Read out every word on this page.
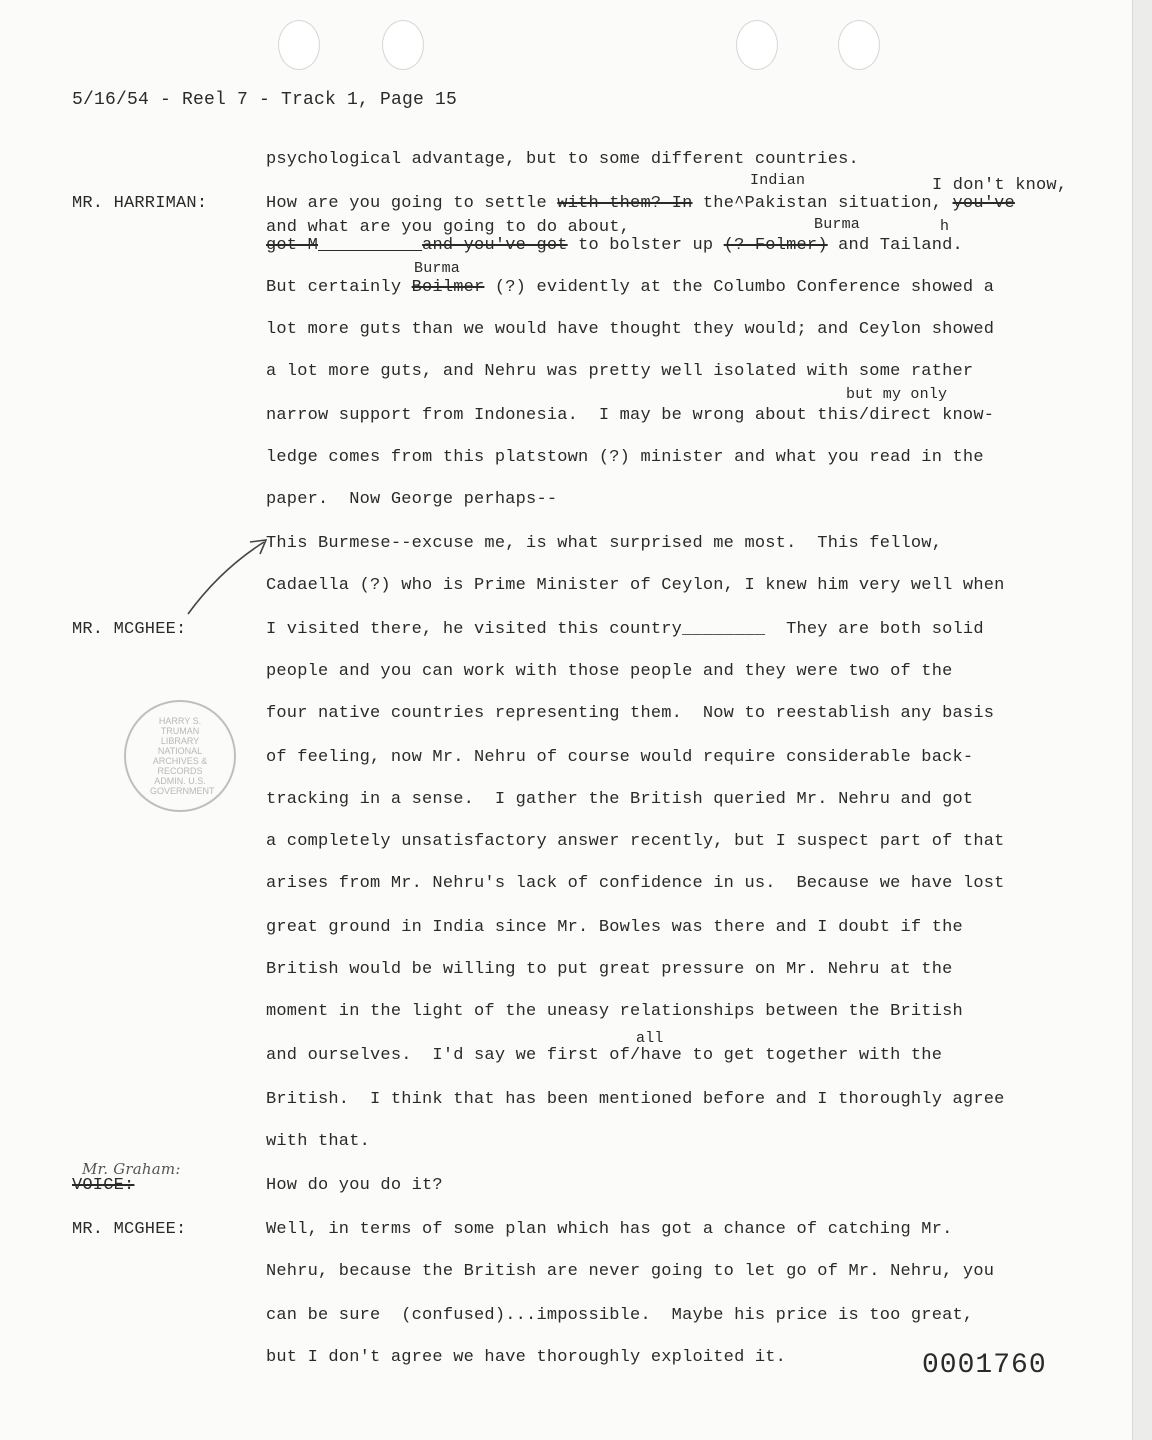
5/16/54 - Reel 7 - Track 1, Page 15
MR. HARRIMAN:
MR. MCGHEE:
VOICE:
Mr. Graham:
MR. MCGHEE:
Indian	I don't know,
Burma	h
Burma
but my only
all
psychological advantage, but to some different countries.
How are you going to settle with them? In the^Pakistan situation, you've
and what are you going to do about,
got M	and you've got to bolster up (? Folmer) and Tailand.
But certainly Boilmer (?) evidently at the Columbo Conference showed a
lot more guts than we would have thought they would; and Ceylon showed
a lot more guts, and Nehru was pretty well isolated with some rather
narrow support from Indonesia.  I may be wrong about this/direct know-
ledge comes from this platstown (?) minister and what you read in the
paper.  Now George perhaps--
This Burmese--excuse me, is what surprised me most.  This fellow,
Cadaella (?) who is Prime Minister of Ceylon, I knew him very well when
I visited there, he visited this country________  They are both solid
people and you can work with those people and they were two of the
four native countries representing them.  Now to reestablish any basis
of feeling, now Mr. Nehru of course would require considerable back-
tracking in a sense.  I gather the British queried Mr. Nehru and got
a completely unsatisfactory answer recently, but I suspect part of that
arises from Mr. Nehru's lack of confidence in us.  Because we have lost
great ground in India since Mr. Bowles was there and I doubt if the
British would be willing to put great pressure on Mr. Nehru at the
moment in the light of the uneasy relationships between the British
and ourselves.  I'd say we first of/have to get together with the
British.  I think that has been mentioned before and I thoroughly agree
with that.
How do you do it?
Well, in terms of some plan which has got a chance of catching Mr.
Nehru, because the British are never going to let go of Mr. Nehru, you
can be sure  (confused)...impossible.  Maybe his price is too great,
but I don't agree we have thoroughly exploited it.
HARRY S. TRUMAN LIBRARY NATIONAL ARCHIVES & RECORDS ADMIN. U.S. GOVERNMENT
0001760
